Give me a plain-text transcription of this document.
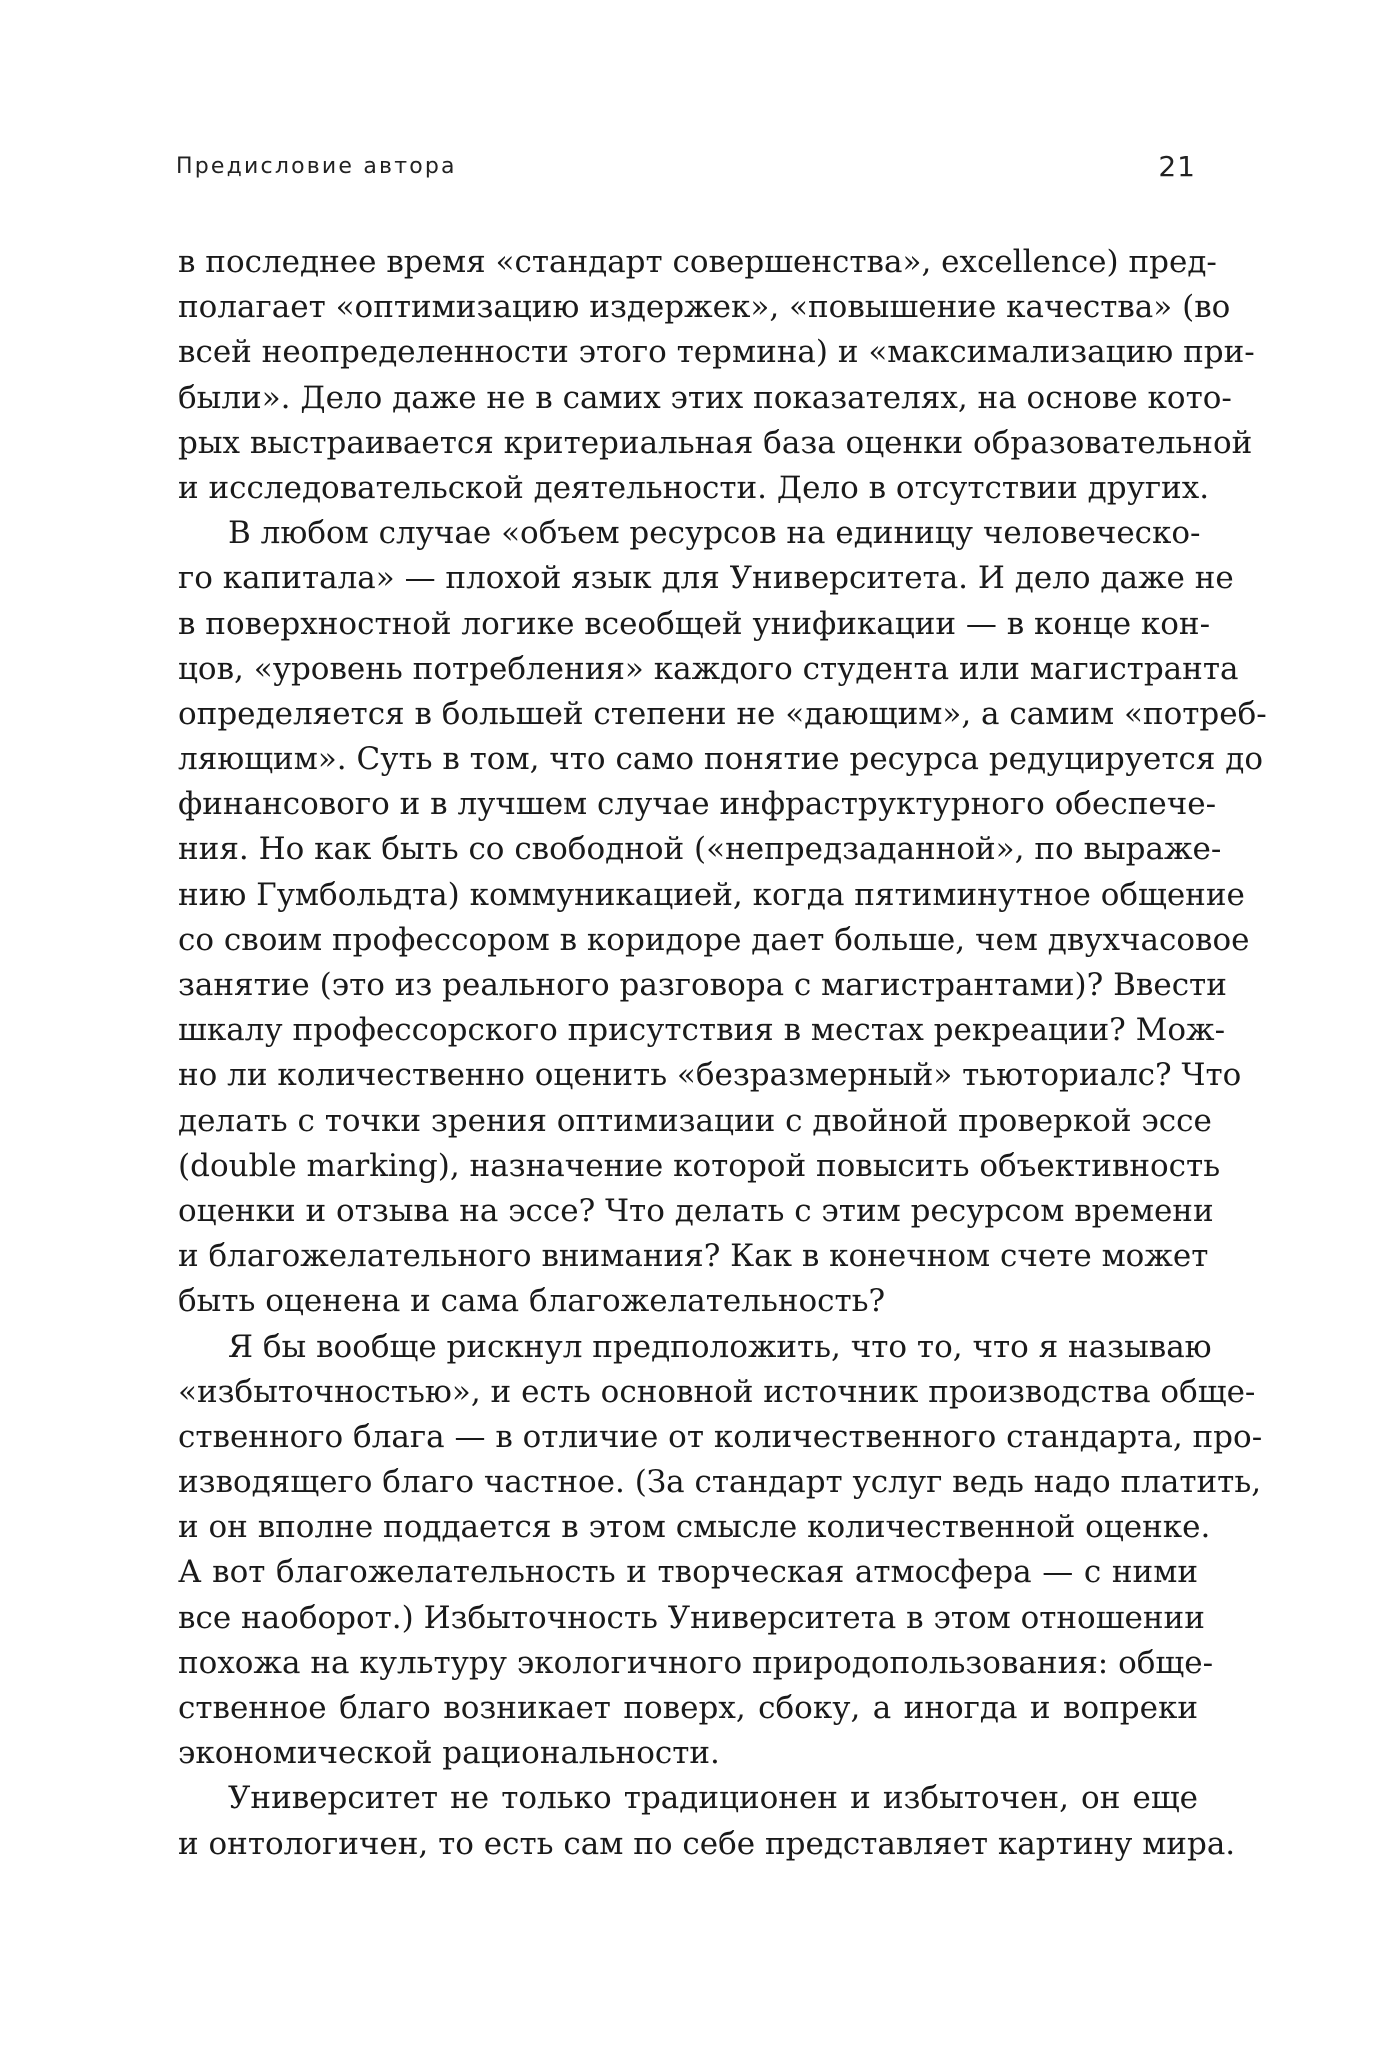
Предисловие автора	21
в последнее время «стандарт совершенства», excellence) пред-
полагает «оптимизацию издержек», «повышение качества» (во
всей неопределенности этого термина) и «максимализацию при-
были». Дело даже не в самих этих показателях, на основе кото-
рых выстраивается критериальная база оценки образовательной
и исследовательской деятельности. Дело в отсутствии других.
В любом случае «объем ресурсов на единицу человеческо-
го капитала» — плохой язык для Университета. И дело даже не
в поверхностной логике всеобщей унификации — в конце кон-
цов, «уровень потребления» каждого студента или магистранта
определяется в большей степени не «дающим», а самим «потреб-
ляющим». Суть в том, что само понятие ресурса редуцируется до
финансового и в лучшем случае инфраструктурного обеспече-
ния. Но как быть со свободной («непредзаданной», по выраже-
нию Гумбольдта) коммуникацией, когда пятиминутное общение
со своим профессором в коридоре дает больше, чем двухчасовое
занятие (это из реального разговора с магистрантами)? Ввести
шкалу профессорского присутствия в местах рекреации? Мож-
но ли количественно оценить «безразмерный» тьюториалс? Что
делать с точки зрения оптимизации с двойной проверкой эссе
(double marking), назначение которой повысить объективность
оценки и отзыва на эссе? Что делать с этим ресурсом времени
и благожелательного внимания? Как в конечном счете может
быть оценена и сама благожелательность?
Я бы вообще рискнул предположить, что то, что я называю
«избыточностью», и есть основной источник производства обще-
ственного блага — в отличие от количественного стандарта, про-
изводящего благо частное. (За стандарт услуг ведь надо платить,
и он вполне поддается в этом смысле количественной оценке.
А вот благожелательность и творческая атмосфера — с ними
все наоборот.) Избыточность Университета в этом отношении
похожа на культуру экологичного природопользования: обще-
ственное благо возникает поверх, сбоку, а иногда и вопреки
экономической рациональности.
Университет не только традиционен и избыточен, он еще
и онтологичен, то есть сам по себе представляет картину мира.
